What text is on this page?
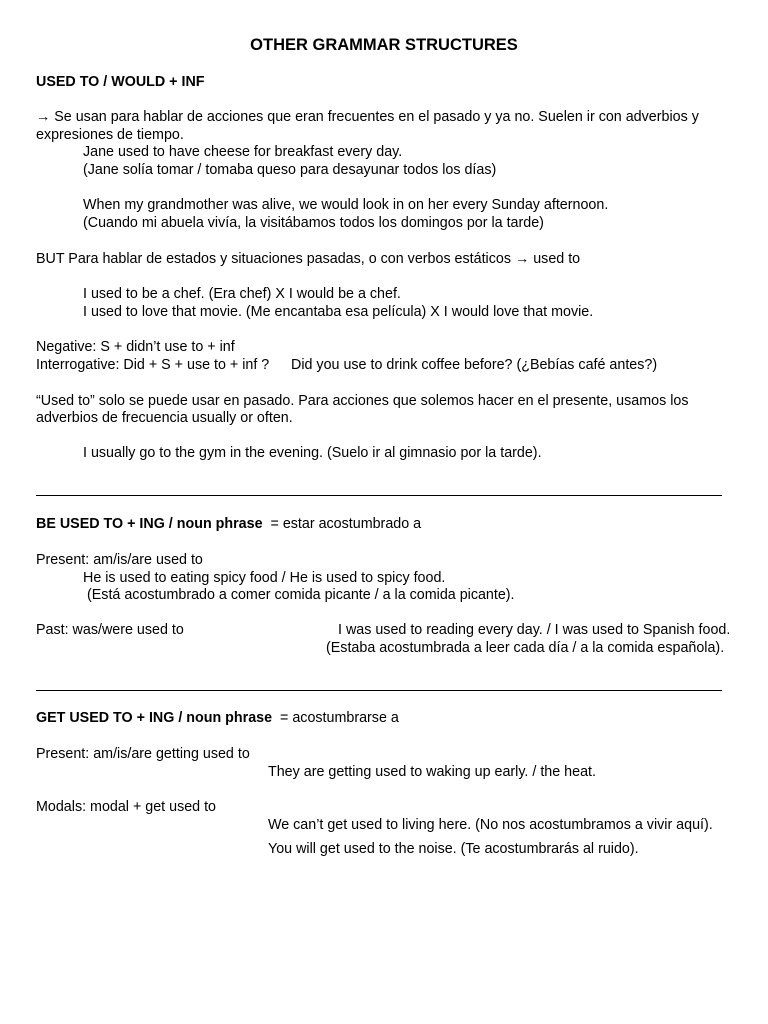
OTHER GRAMMAR STRUCTURES
USED TO / WOULD + INF
→ Se usan para hablar de acciones que eran frecuentes en el pasado y ya no. Suelen ir con adverbios y
expresiones de tiempo.
Jane used to have cheese for breakfast every day.
(Jane solía tomar / tomaba queso para desayunar todos los días)
When my grandmother was alive, we would look in on her every Sunday afternoon.
(Cuando mi abuela vivía, la visitábamos todos los domingos por la tarde)
BUT Para hablar de estados y situaciones pasadas, o con verbos estáticos → used to
I used to be a chef. (Era chef) X I would be a chef.
I used to love that movie. (Me encantaba esa película) X I would love that movie.
Negative: S + didn’t use to + inf
Interrogative: Did + S + use to + inf ? Did you use to drink coffee before? (¿Bebías café antes?)
“Used to” solo se puede usar en pasado. Para acciones que solemos hacer en el presente, usamos los
adverbios de frecuencia usually or often.
I usually go to the gym in the evening. (Suelo ir al gimnasio por la tarde).
BE USED TO + ING / noun phrase = estar acostumbrado a
Present: am/is/are used to
He is used to eating spicy food / He is used to spicy food.
(Está acostumbrado a comer comida picante / a la comida picante).
Past: was/were used to	I was used to reading every day. / I was used to Spanish food.
(Estaba acostumbrada a leer cada día / a la comida española).
GET USED TO + ING / noun phrase = acostumbrarse a
Present: am/is/are getting used to
They are getting used to waking up early. / the heat.
Modals: modal + get used to
We can’t get used to living here. (No nos acostumbramos a vivir aquí).
You will get used to the noise. (Te acostumbrarás al ruido).
